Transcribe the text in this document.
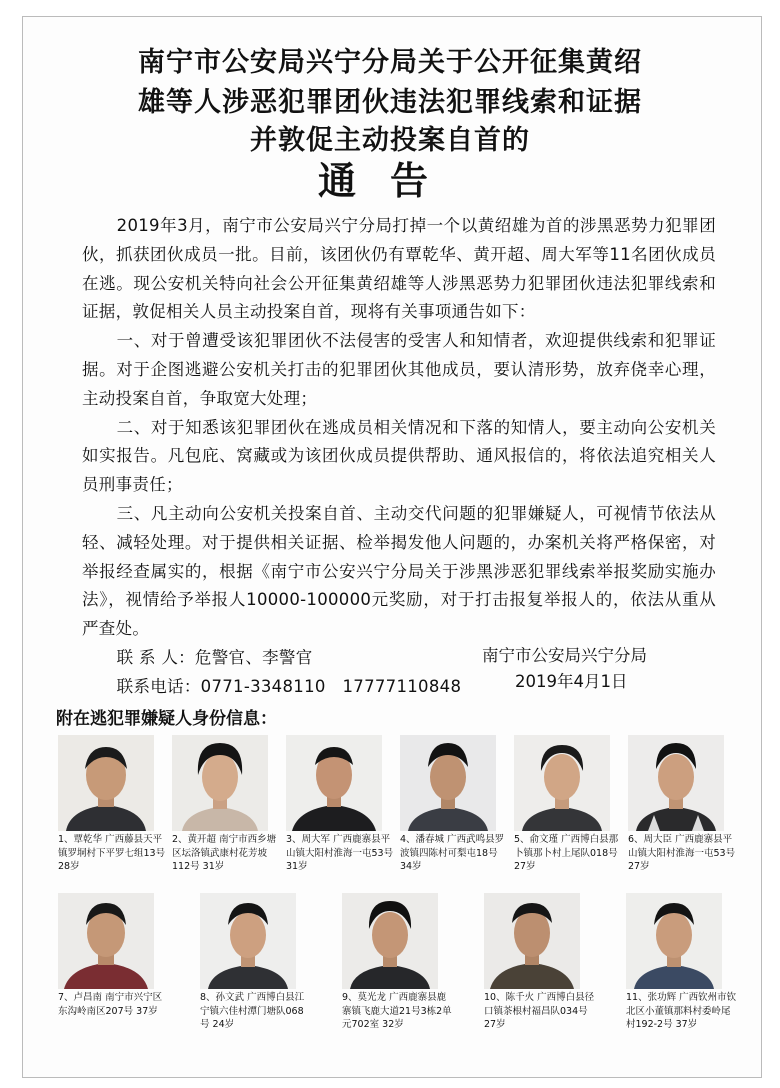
南宁市公安局兴宁分局关于公开征集黄绍
雄等人涉恶犯罪团伙违法犯罪线索和证据
并敦促主动投案自首的
通告

2019年3月，南宁市公安局兴宁分局打掉一个以黄绍雄为首的涉黑恶势力犯罪团伙，抓获团伙成员一批。目前，该团伙仍有覃乾华、黄开超、周大军等11名团伙成员在逃。现公安机关特向社会公开征集黄绍雄等人涉黑恶势力犯罪团伙违法犯罪线索和证据，敦促相关人员主动投案自首，现将有关事项通告如下：

一、对于曾遭受该犯罪团伙不法侵害的受害人和知情者，欢迎提供线索和犯罪证据。对于企图逃避公安机关打击的犯罪团伙其他成员，要认清形势，放弃侥幸心理，主动投案自首，争取宽大处理；

二、对于知悉该犯罪团伙在逃成员相关情况和下落的知情人，要主动向公安机关如实报告。凡包庇、窝藏或为该团伙成员提供帮助、通风报信的，将依法追究相关人员刑事责任；

三、凡主动向公安机关投案自首、主动交代问题的犯罪嫌疑人，可视情节依法从轻、减轻处理。对于提供相关证据、检举揭发他人问题的，办案机关将严格保密，对举报经查属实的，根据《南宁市公安兴宁分局关于涉黑涉恶犯罪线索举报奖励实施办法》，视情给予举报人10000-100000元奖励，对于打击报复举报人的，依法从重从严查处。

联 系 人：危警官、李警官

联系电话：0771-3348110　17777110848

南宁市公安局兴宁分局
2019年4月1日
附在逃犯罪嫌疑人身份信息：
1、覃乾华 广西藤县天平镇罗垌村下平罗七组13号 28岁
2、黄开超 南宁市西乡塘区坛洛镇武康村花芳坡112号 31岁
3、周大军 广西鹿寨县平山镇大阳村淮海一屯53号 31岁
4、潘春城 广西武鸣县罗波镇四陈村可梨屯18号　34岁
5、俞文瑾 广西博白县那卜镇那卜村上尾队018号 27岁
6、周大臣 广西鹿寨县平山镇大阳村淮海一屯53号 27岁
7、卢昌南 南宁市兴宁区东沟岭南区207号 37岁
8、孙文武 广西博白县江宁镇六佳村潭门塘队068号 24岁
9、莫光龙 广西鹿寨县鹿寨镇飞鹿大道21号3栋2单元702室 32岁
10、陈千火 广西博白县径口镇茶根村福昌队034号 27岁
11、张功辉 广西钦州市钦北区小董镇那料村委岭尾村192-2号 37岁
